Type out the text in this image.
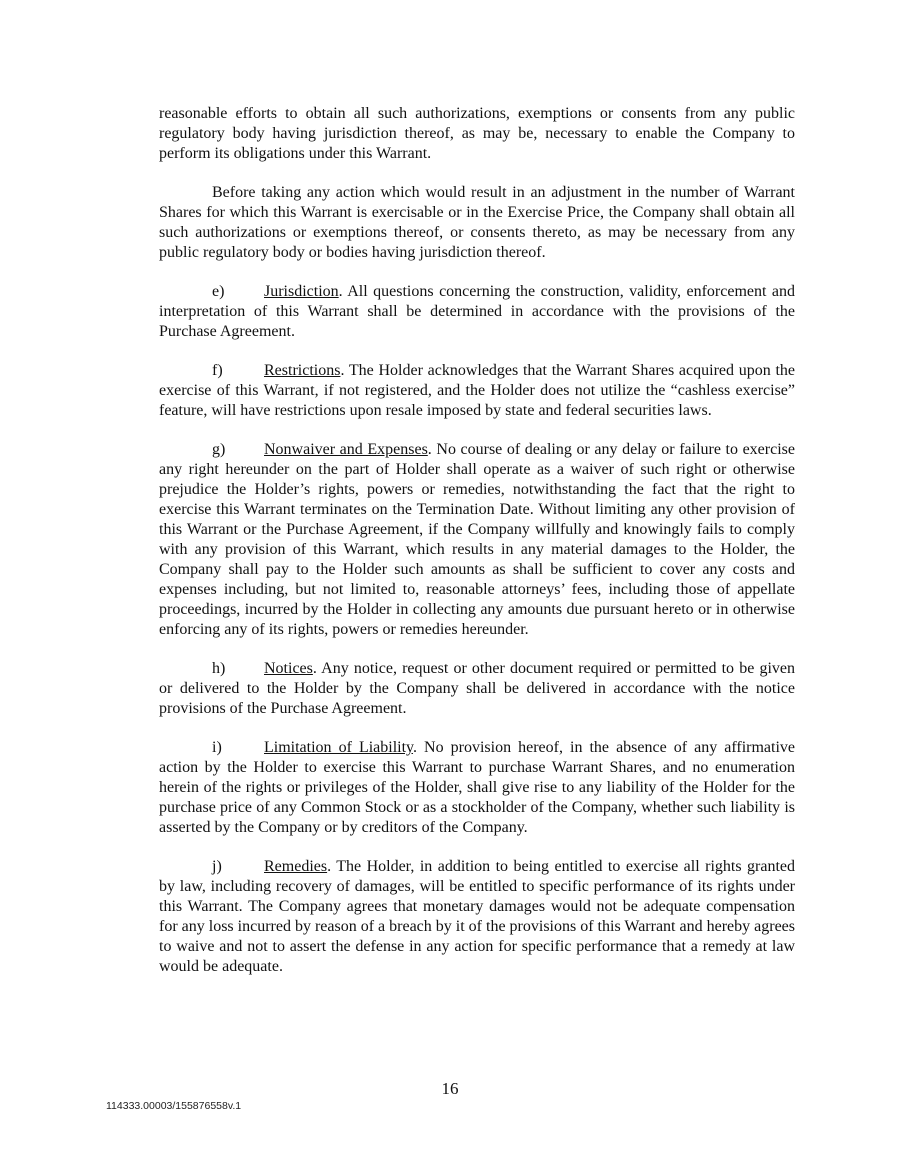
reasonable efforts to obtain all such authorizations, exemptions or consents from any public regulatory body having jurisdiction thereof, as may be, necessary to enable the Company to perform its obligations under this Warrant.

Before taking any action which would result in an adjustment in the number of Warrant Shares for which this Warrant is exercisable or in the Exercise Price, the Company shall obtain all such authorizations or exemptions thereof, or consents thereto, as may be necessary from any public regulatory body or bodies having jurisdiction thereof.

e) Jurisdiction. All questions concerning the construction, validity, enforcement and interpretation of this Warrant shall be determined in accordance with the provisions of the Purchase Agreement.

f)	Restrictions. The Holder acknowledges that the Warrant Shares acquired upon the exercise of this Warrant, if not registered, and the Holder does not utilize the “cashless exercise” feature, will have restrictions upon resale imposed by state and federal securities laws.

g) Nonwaiver and Expenses. No course of dealing or any delay or failure to exercise any right hereunder on the part of Holder shall operate as a waiver of such right or otherwise prejudice the Holder’s rights, powers or remedies, notwithstanding the fact that the right to exercise this Warrant terminates on the Termination Date. Without limiting any other provision of this Warrant or the Purchase Agreement, if the Company willfully and knowingly fails to comply with any provision of this Warrant, which results in any material damages to the Holder, the Company shall pay to the Holder such amounts as shall be sufficient to cover any costs and expenses including, but not limited to, reasonable attorneys’ fees, including those of appellate proceedings, incurred by the Holder in collecting any amounts due pursuant hereto or in otherwise enforcing any of its rights, powers or remedies hereunder.

h) Notices. Any notice, request or other document required or permitted to be given or delivered to the Holder by the Company shall be delivered in accordance with the notice provisions of the Purchase Agreement.

i)	Limitation of Liability. No provision hereof, in the absence of any affirmative action by the Holder to exercise this Warrant to purchase Warrant Shares, and no enumeration herein of the rights or privileges of the Holder, shall give rise to any liability of the Holder for the purchase price of any Common Stock or as a stockholder of the Company, whether such liability is asserted by the Company or by creditors of the Company.

j)	Remedies. The Holder, in addition to being entitled to exercise all rights granted by law, including recovery of damages, will be entitled to specific performance of its rights under this Warrant. The Company agrees that monetary damages would not be adequate compensation for any loss incurred by reason of a breach by it of the provisions of this Warrant and hereby agrees to waive and not to assert the defense in any action for specific performance that a remedy at law would be adequate.

16
114333.00003/155876558v.1
